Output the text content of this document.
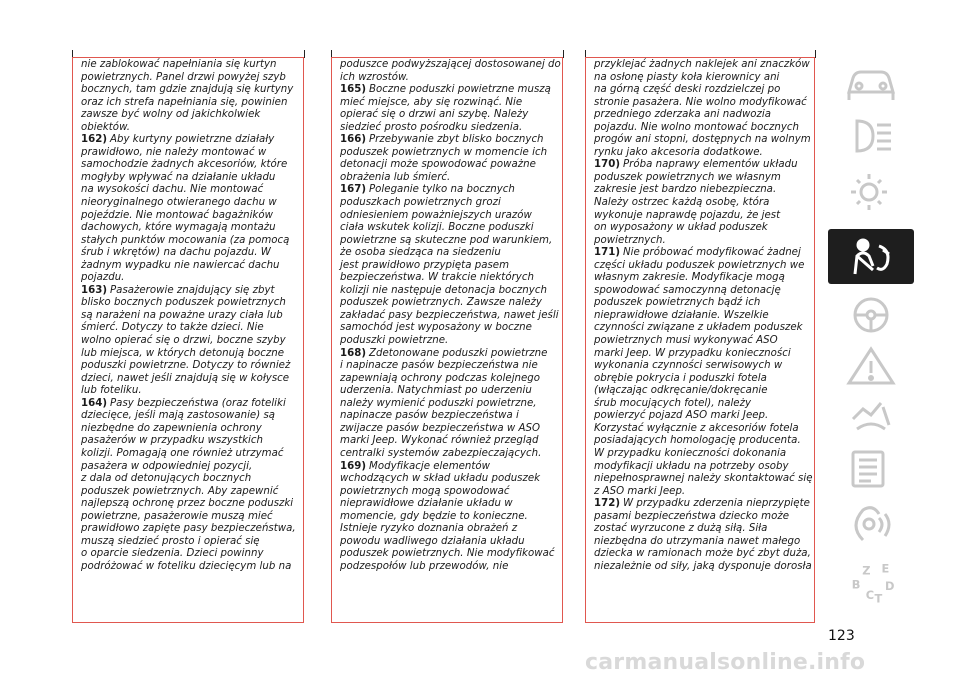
nie zablokować napełniania się kurtyn
powietrznych. Panel drzwi powyżej szyb
bocznych, tam gdzie znajdują się kurtyny
oraz ich strefa napełniania się, powinien
zawsze być wolny od jakichkolwiek
obiektów.
162) Aby kurtyny powietrzne działały
prawidłowo, nie należy montować w
samochodzie żadnych akcesoriów, które
mogłyby wpływać na działanie układu
na wysokości dachu. Nie montować
nieoryginalnego otwieranego dachu w
pojeździe. Nie montować bagażników
dachowych, które wymagają montażu
stałych punktów mocowania (za pomocą
śrub i wkrętów) na dachu pojazdu. W
żadnym wypadku nie nawiercać dachu
pojazdu.
163) Pasażerowie znajdujący się zbyt
blisko bocznych poduszek powietrznych
są narażeni na poważne urazy ciała lub
śmierć. Dotyczy to także dzieci. Nie
wolno opierać się o drzwi, boczne szyby
lub miejsca, w których detonują boczne
poduszki powietrzne. Dotyczy to również
dzieci, nawet jeśli znajdują się w kołysce
lub foteliku.
164) Pasy bezpieczeństwa (oraz foteliki
dziecięce, jeśli mają zastosowanie) są
niezbędne do zapewnienia ochrony
pasażerów w przypadku wszystkich
kolizji. Pomagają one również utrzymać
pasażera w odpowiedniej pozycji,
z dala od detonujących bocznych
poduszek powietrznych. Aby zapewnić
najlepszą ochronę przez boczne poduszki
powietrzne, pasażerowie muszą mieć
prawidłowo zapięte pasy bezpieczeństwa,
muszą siedzieć prosto i opierać się
o oparcie siedzenia. Dzieci powinny
podróżować w foteliku dziecięcym lub na
poduszce podwyższającej dostosowanej do
ich wzrostów.
165) Boczne poduszki powietrzne muszą
mieć miejsce, aby się rozwinąć. Nie
opierać się o drzwi ani szybę. Należy
siedzieć prosto pośrodku siedzenia.
166) Przebywanie zbyt blisko bocznych
poduszek powietrznych w momencie ich
detonacji może spowodować poważne
obrażenia lub śmierć.
167) Poleganie tylko na bocznych
poduszkach powietrznych grozi
odniesieniem poważniejszych urazów
ciała wskutek kolizji. Boczne poduszki
powietrzne są skuteczne pod warunkiem,
że osoba siedząca na siedzeniu
jest prawidłowo przypięta pasem
bezpieczeństwa. W trakcie niektórych
kolizji nie następuje detonacja bocznych
poduszek powietrznych. Zawsze należy
zakładać pasy bezpieczeństwa, nawet jeśli
samochód jest wyposażony w boczne
poduszki powietrzne.
168) Zdetonowane poduszki powietrzne
i napinacze pasów bezpieczeństwa nie
zapewniają ochrony podczas kolejnego
uderzenia. Natychmiast po uderzeniu
należy wymienić poduszki powietrzne,
napinacze pasów bezpieczeństwa i
zwijacze pasów bezpieczeństwa w ASO
marki Jeep. Wykonać również przegląd
centralki systemów zabezpieczających.
169) Modyfikacje elementów
wchodzących w skład układu poduszek
powietrznych mogą spowodować
nieprawidłowe działanie układu w
momencie, gdy będzie to konieczne.
Istnieje ryzyko doznania obrażeń z
powodu wadliwego działania układu
poduszek powietrznych. Nie modyfikować
podzespołów lub przewodów, nie
przyklejać żadnych naklejek ani znaczków
na osłonę piasty koła kierownicy ani
na górną część deski rozdzielczej po
stronie pasażera. Nie wolno modyfikować
przedniego zderzaka ani nadwozia
pojazdu. Nie wolno montować bocznych
progów ani stopni, dostępnych na wolnym
rynku jako akcesoria dodatkowe.
170) Próba naprawy elementów układu
poduszek powietrznych we własnym
zakresie jest bardzo niebezpieczna.
Należy ostrzec każdą osobę, która
wykonuje naprawdę pojazdu, że jest
on wyposażony w układ poduszek
powietrznych.
171) Nie próbować modyfikować żadnej
części układu poduszek powietrznych we
własnym zakresie. Modyfikacje mogą
spowodować samoczynną detonację
poduszek powietrznych bądź ich
nieprawidłowe działanie. Wszelkie
czynności związane z układem poduszek
powietrznych musi wykonywać ASO
marki Jeep. W przypadku konieczności
wykonania czynności serwisowych w
obrębie pokrycia i poduszki fotela
(włączając odkręcanie/dokręcanie
śrub mocujących fotel), należy
powierzyć pojazd ASO marki Jeep.
Korzystać wyłącznie z akcesoriów fotela
posiadających homologację producenta.
W przypadku konieczności dokonania
modyfikacji układu na potrzeby osoby
niepełnosprawnej należy skontaktować się
z ASO marki Jeep.
172) W przypadku zderzenia nieprzypięte
pasami bezpieczeństwa dziecko może
zostać wyrzucone z dużą siłą. Siła
niezbędna do utrzymania nawet małego
dziecka w ramionach może być zbyt duża,
niezależnie od siły, jaką dysponuje dorosła	Z E
B
C T
D
123
carmanualsonline.info
